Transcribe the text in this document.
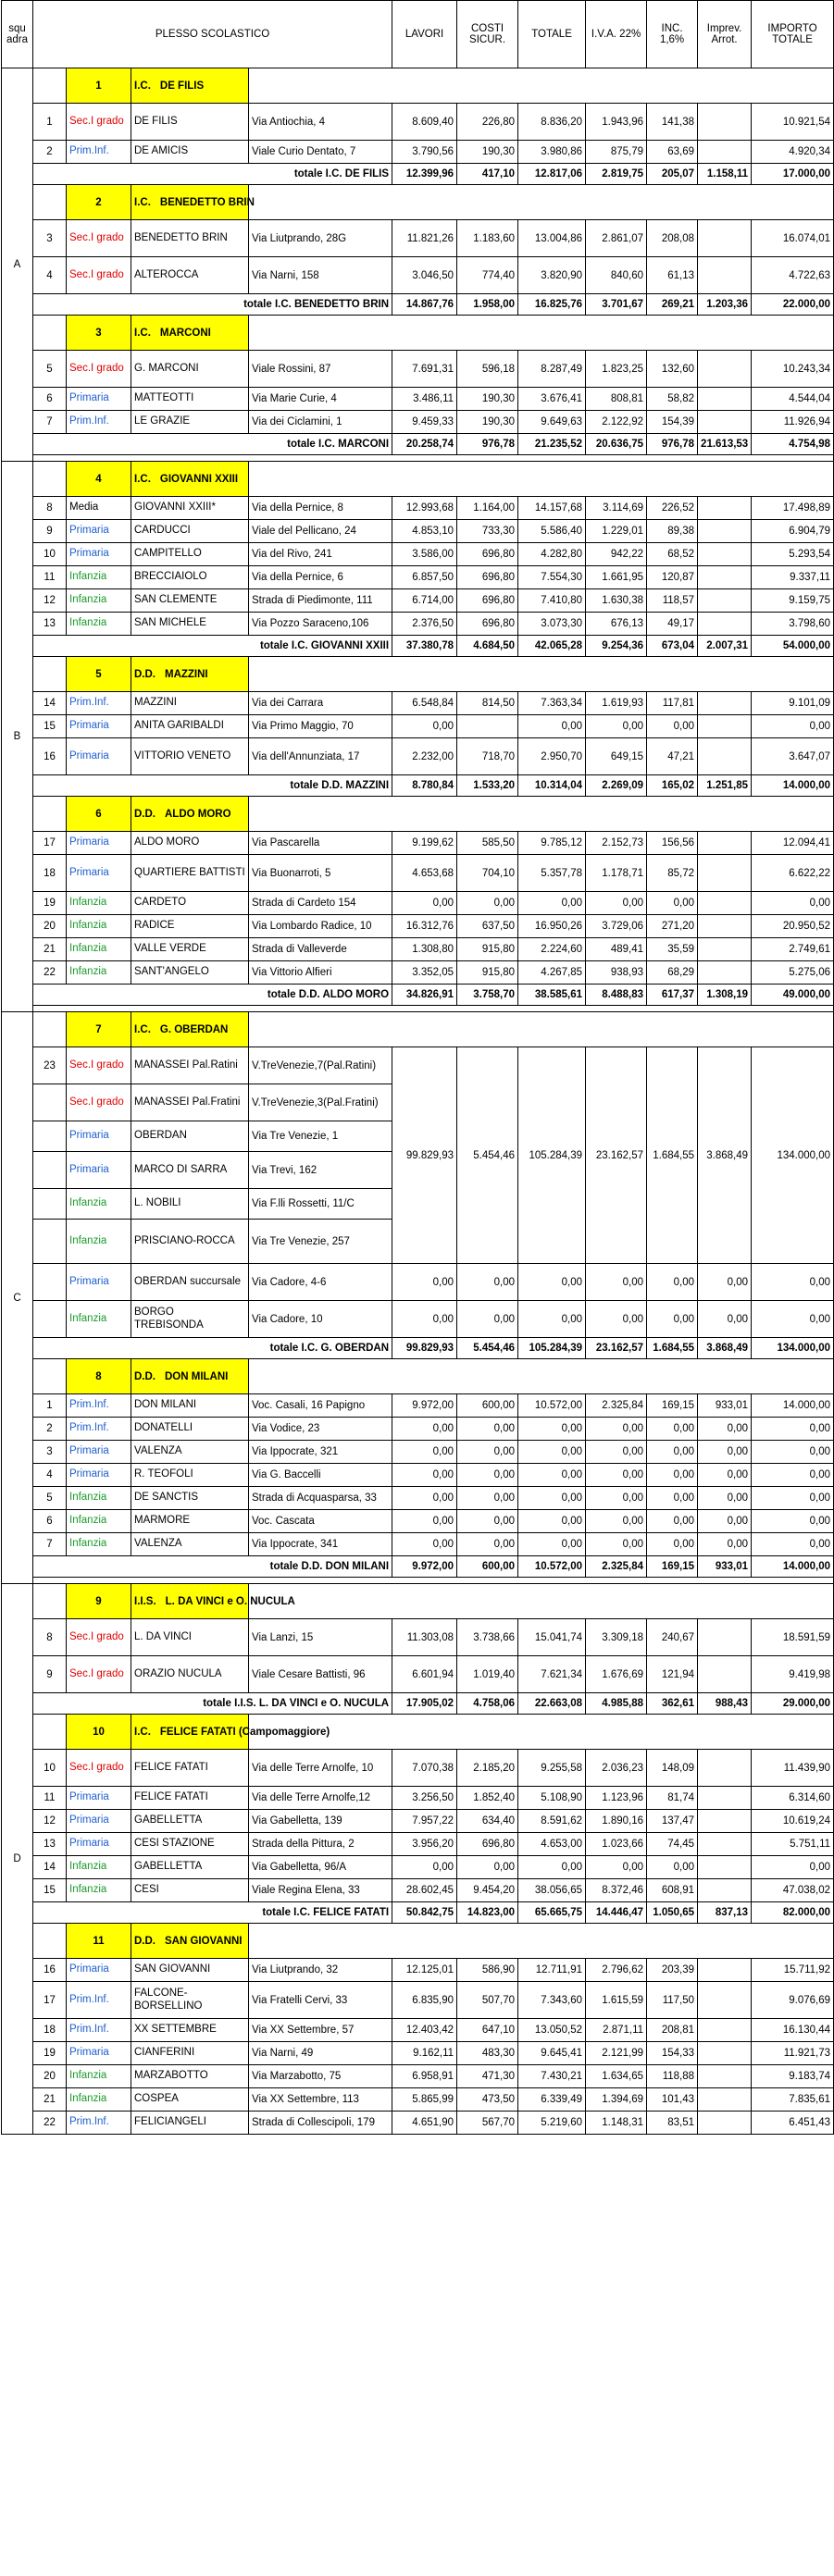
squ adra	PLESSO SCOLASTICO				LAVORI	COSTI SICUR.	TOTALE	I.V.A. 22%	INC. 1,6%	Imprev. Arrot.	IMPORTO TOTALE
A		1	I.C. DE FILIS								
	1	Sec.I grado	DE FILIS	Via Antiochia, 4	8.609,40	226,80	8.836,20	1.943,96	141,38		10.921,54
	2	Prim.Inf.	DE AMICIS	Viale Curio Dentato, 7	3.790,56	190,30	3.980,86	875,79	63,69		4.920,34
	totale I.C. DE FILIS				12.399,96	417,10	12.817,06	2.819,75	205,07	1.158,11	17.000,00
		2	I.C. BENEDETTO BRIN								
	3	Sec.I grado	BENEDETTO BRIN	Via Liutprando, 28G	11.821,26	1.183,60	13.004,86	2.861,07	208,08		16.074,01
	4	Sec.I grado	ALTEROCCA	Via Narni, 158	3.046,50	774,40	3.820,90	840,60	61,13		4.722,63
	totale I.C. BENEDETTO BRIN				14.867,76	1.958,00	16.825,76	3.701,67	269,21	1.203,36	22.000,00
		3	I.C. MARCONI								
	5	Sec.I grado	G. MARCONI	Viale Rossini, 87	7.691,31	596,18	8.287,49	1.823,25	132,60		10.243,34
	6	Primaria	MATTEOTTI	Via Marie Curie, 4	3.486,11	190,30	3.676,41	808,81	58,82		4.544,04
	7	Prim.Inf.	LE GRAZIE	Via dei Ciclamini, 1	9.459,33	190,30	9.649,63	2.122,92	154,39		11.926,94
	totale I.C. MARCONI				20.258,74	976,78	21.235,52	20.636,75	976,78	21.613,53	4.754,98

B		4	I.C. GIOVANNI XXIII								
	8	Media	GIOVANNI XXIII*	Via della Pernice, 8	12.993,68	1.164,00	14.157,68	3.114,69	226,52		17.498,89
	9	Primaria	CARDUCCI	Viale del Pellicano, 24	4.853,10	733,30	5.586,40	1.229,01	89,38		6.904,79
	10	Primaria	CAMPITELLO	Via del Rivo, 241	3.586,00	696,80	4.282,80	942,22	68,52		5.293,54
	11	Infanzia	BRECCIAIOLO	Via della Pernice, 6	6.857,50	696,80	7.554,30	1.661,95	120,87		9.337,11
	12	Infanzia	SAN CLEMENTE	Strada di Piedimonte, 111	6.714,00	696,80	7.410,80	1.630,38	118,57		9.159,75
	13	Infanzia	SAN MICHELE	Via Pozzo Saraceno,106	2.376,50	696,80	3.073,30	676,13	49,17		3.798,60
	totale I.C. GIOVANNI XXIII				37.380,78	4.684,50	42.065,28	9.254,36	673,04	2.007,31	54.000,00
		5	D.D. MAZZINI								
	14	Prim.Inf.	MAZZINI	Via dei Carrara	6.548,84	814,50	7.363,34	1.619,93	117,81		9.101,09
	15	Primaria	ANITA GARIBALDI	Via Primo Maggio, 70	0,00		0,00	0,00	0,00		0,00
	16	Primaria	VITTORIO VENETO	Via dell'Annunziata, 17	2.232,00	718,70	2.950,70	649,15	47,21		3.647,07
	totale D.D. MAZZINI				8.780,84	1.533,20	10.314,04	2.269,09	165,02	1.251,85	14.000,00
		6	D.D. ALDO MORO								
	17	Primaria	ALDO MORO	Via Pascarella	9.199,62	585,50	9.785,12	2.152,73	156,56		12.094,41
	18	Primaria	QUARTIERE BATTISTI	Via Buonarroti, 5	4.653,68	704,10	5.357,78	1.178,71	85,72		6.622,22
	19	Infanzia	CARDETO	Strada di Cardeto 154	0,00	0,00	0,00	0,00	0,00		0,00
	20	Infanzia	RADICE	Via Lombardo Radice, 10	16.312,76	637,50	16.950,26	3.729,06	271,20		20.950,52
	21	Infanzia	VALLE VERDE	Strada di Valleverde	1.308,80	915,80	2.224,60	489,41	35,59		2.749,61
	22	Infanzia	SANT'ANGELO	Via Vittorio Alfieri	3.352,05	915,80	4.267,85	938,93	68,29		5.275,06
	totale D.D. ALDO MORO				34.826,91	3.758,70	38.585,61	8.488,83	617,37	1.308,19	49.000,00

C		7	I.C. G. OBERDAN								
	23	Sec.I grado	MANASSEI Pal.Ratini	V.TreVenezie,7(Pal.Ratini)	99.829,93	5.454,46	105.284,39	23.162,57	1.684,55	3.868,49	134.000,00
		Sec.I grado	MANASSEI Pal.Fratini	V.TreVenezie,3(Pal.Fratini)							
		Primaria	OBERDAN	Via Tre Venezie, 1							
		Primaria	MARCO DI SARRA	Via Trevi, 162							
		Infanzia	L. NOBILI	Via F.lli Rossetti, 11/C							
		Infanzia	PRISCIANO-ROCCA	Via Tre Venezie, 257							
		Primaria	OBERDAN succursale	Via Cadore, 4-6	0,00	0,00	0,00	0,00	0,00	0,00	0,00
		Infanzia	BORGO TREBISONDA	Via Cadore, 10	0,00	0,00	0,00	0,00	0,00	0,00	0,00
	totale I.C. G. OBERDAN				99.829,93	5.454,46	105.284,39	23.162,57	1.684,55	3.868,49	134.000,00
		8	D.D. DON MILANI								
	1	Prim.Inf.	DON MILANI	Voc. Casali, 16 Papigno	9.972,00	600,00	10.572,00	2.325,84	169,15	933,01	14.000,00
	2	Prim.Inf.	DONATELLI	Via Vodice, 23	0,00	0,00	0,00	0,00	0,00	0,00	0,00
	3	Primaria	VALENZA	Via Ippocrate, 321	0,00	0,00	0,00	0,00	0,00	0,00	0,00
	4	Primaria	R. TEOFOLI	Via G. Baccelli	0,00	0,00	0,00	0,00	0,00	0,00	0,00
	5	Infanzia	DE SANCTIS	Strada di Acquasparsa, 33	0,00	0,00	0,00	0,00	0,00	0,00	0,00
	6	Infanzia	MARMORE	Voc. Cascata	0,00	0,00	0,00	0,00	0,00	0,00	0,00
	7	Infanzia	VALENZA	Via Ippocrate, 341	0,00	0,00	0,00	0,00	0,00	0,00	0,00
	totale D.D. DON MILANI				9.972,00	600,00	10.572,00	2.325,84	169,15	933,01	14.000,00

D		9	I.I.S. L. DA VINCI e O. NUCULA								
	8	Sec.I grado	L. DA VINCI	Via Lanzi, 15	11.303,08	3.738,66	15.041,74	3.309,18	240,67		18.591,59
	9	Sec.I grado	ORAZIO NUCULA	Viale Cesare Battisti, 96	6.601,94	1.019,40	7.621,34	1.676,69	121,94		9.419,98
	totale I.I.S. L. DA VINCI e O. NUCULA				17.905,02	4.758,06	22.663,08	4.985,88	362,61	988,43	29.000,00
		10	I.C. FELICE FATATI (Campomaggiore)								
	10	Sec.I grado	FELICE FATATI	Via delle Terre Arnolfe, 10	7.070,38	2.185,20	9.255,58	2.036,23	148,09		11.439,90
	11	Primaria	FELICE FATATI	Via delle Terre Arnolfe,12	3.256,50	1.852,40	5.108,90	1.123,96	81,74		6.314,60
	12	Primaria	GABELLETTA	Via Gabelletta, 139	7.957,22	634,40	8.591,62	1.890,16	137,47		10.619,24
	13	Primaria	CESI STAZIONE	Strada della Pittura, 2	3.956,20	696,80	4.653,00	1.023,66	74,45		5.751,11
	14	Infanzia	GABELLETTA	Via Gabelletta, 96/A	0,00	0,00	0,00	0,00	0,00		0,00
	15	Infanzia	CESI	Viale Regina Elena, 33	28.602,45	9.454,20	38.056,65	8.372,46	608,91		47.038,02
	totale I.C. FELICE FATATI				50.842,75	14.823,00	65.665,75	14.446,47	1.050,65	837,13	82.000,00
		11	D.D. SAN GIOVANNI								
	16	Primaria	SAN GIOVANNI	Via Liutprando, 32	12.125,01	586,90	12.711,91	2.796,62	203,39		15.711,92
	17	Prim.Inf.	FALCONE-BORSELLINO	Via Fratelli Cervi, 33	6.835,90	507,70	7.343,60	1.615,59	117,50		9.076,69
	18	Prim.Inf.	XX SETTEMBRE	Via XX Settembre, 57	12.403,42	647,10	13.050,52	2.871,11	208,81		16.130,44
	19	Primaria	CIANFERINI	Via Narni, 49	9.162,11	483,30	9.645,41	2.121,99	154,33		11.921,73
	20	Infanzia	MARZABOTTO	Via Marzabotto, 75	6.958,91	471,30	7.430,21	1.634,65	118,88		9.183,74
	21	Infanzia	COSPEA	Via XX Settembre, 113	5.865,99	473,50	6.339,49	1.394,69	101,43		7.835,61
	22	Prim.Inf.	FELICIANGELI	Strada di Collescipoli, 179	4.651,90	567,70	5.219,60	1.148,31	83,51		6.451,43
